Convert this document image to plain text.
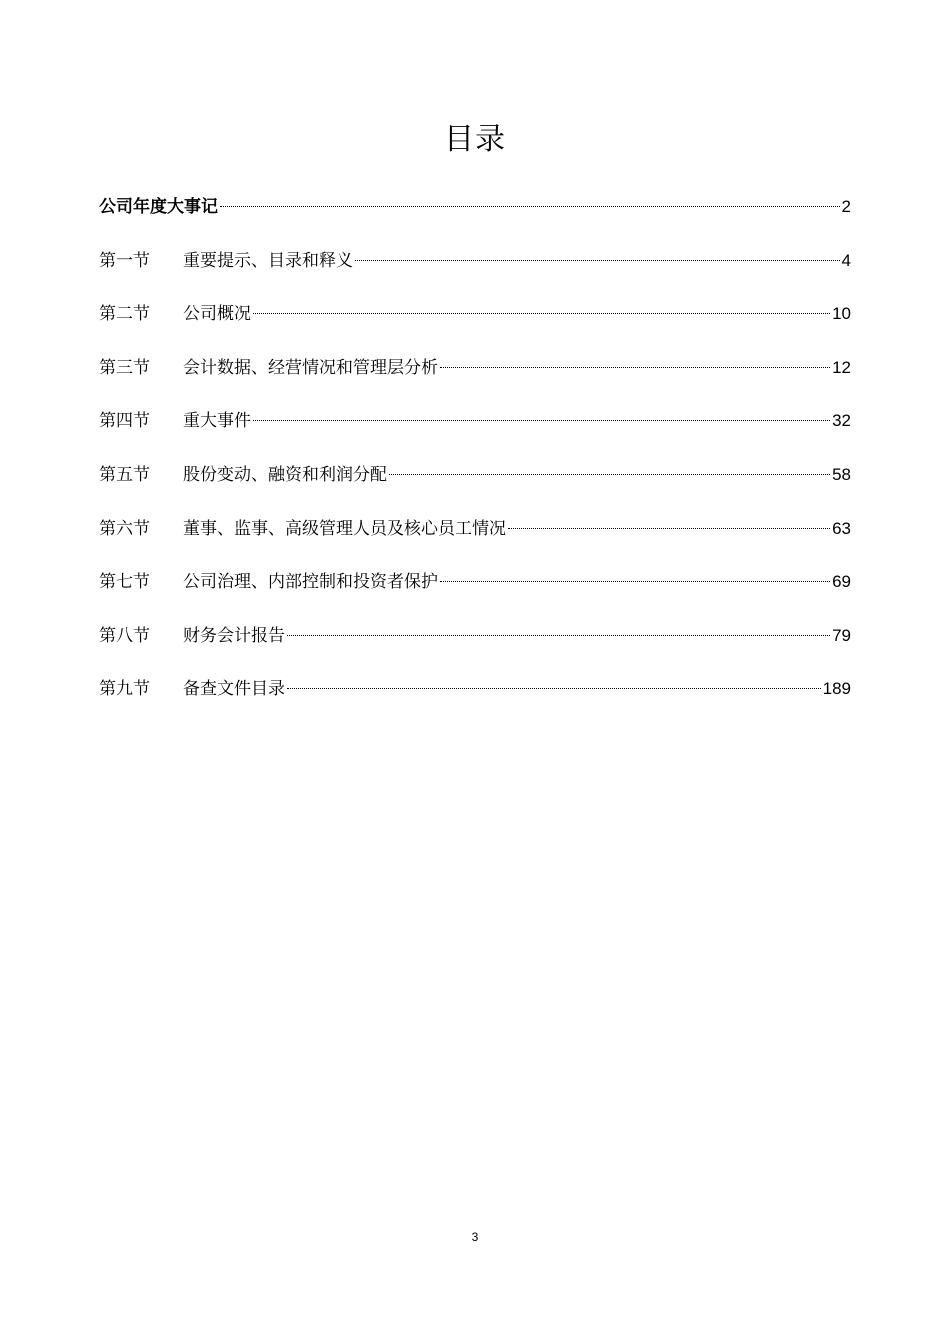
目录
公司年度大事记	2
第一节	重要提示、目录和释义	4
第二节	公司概况	10
第三节	会计数据、经营情况和管理层分析	12
第四节	重大事件	32
第五节	股份变动、融资和利润分配	58
第六节	董事、监事、高级管理人员及核心员工情况	63
第七节	公司治理、内部控制和投资者保护	69
第八节	财务会计报告	79
第九节	备查文件目录	189
3
